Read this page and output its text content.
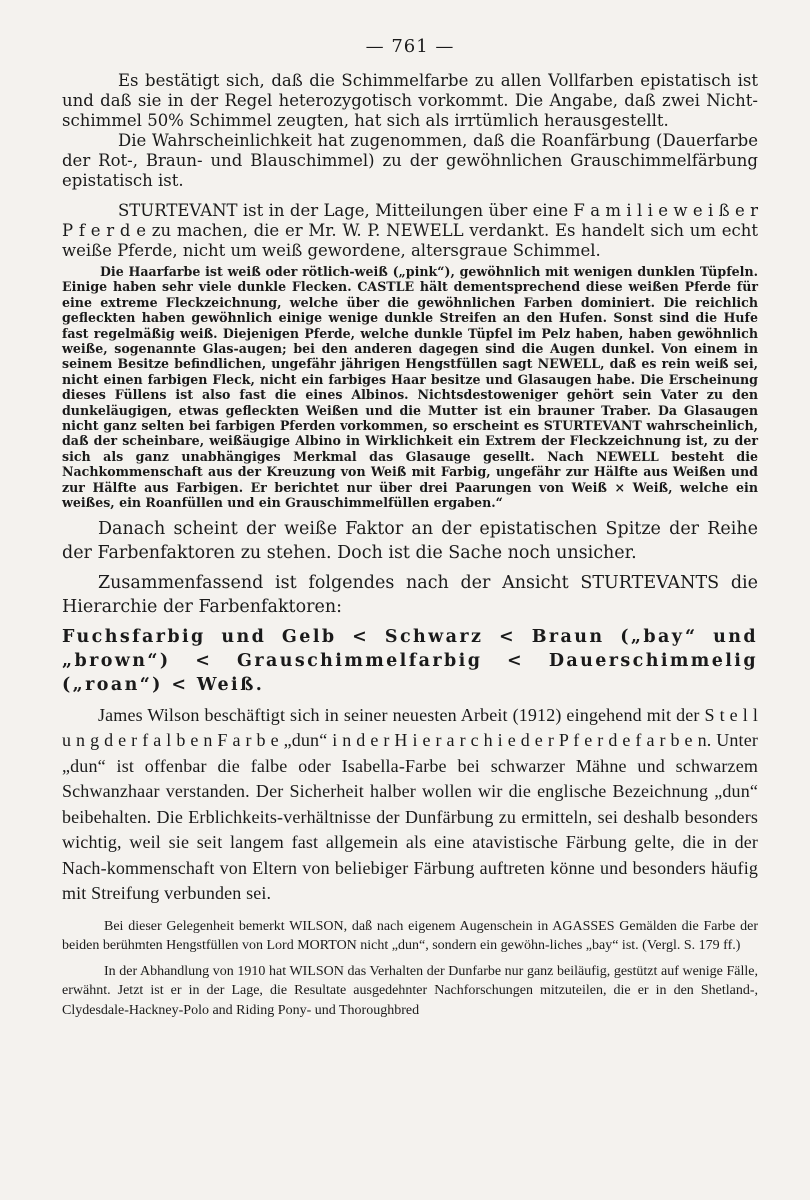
— 761 —

Es bestätigt sich, daß die Schimmelfarbe zu allen Vollfarben epistatisch ist und daß sie in der Regel heterozygotisch vorkommt. Die Angabe, daß zwei Nicht-schimmel 50% Schimmel zeugten, hat sich als irrtümlich herausgestellt.

Die Wahrscheinlichkeit hat zugenommen, daß die Roanfärbung (Dauerfarbe der Rot-, Braun- und Blauschimmel) zu der gewöhnlichen Grauschimmelfärbung epistatisch ist.

STURTEVANT ist in der Lage, Mitteilungen über eine F a m i l i e w e i ß e r P f e r d e zu machen, die er Mr. W. P. NEWELL verdankt. Es handelt sich um echt weiße Pferde, nicht um weiß gewordene, altersgraue Schimmel.

Die Haarfarbe ist weiß oder rötlich-weiß („pink“), gewöhnlich mit wenigen dunklen Tüpfeln. Einige haben sehr viele dunkle Flecken. CASTLE hält dementsprechend diese weißen Pferde für eine extreme Fleckzeichnung, welche über die gewöhnlichen Farben dominiert. Die reichlich gefleckten haben gewöhnlich einige wenige dunkle Streifen an den Hufen. Sonst sind die Hufe fast regelmäßig weiß. Diejenigen Pferde, welche dunkle Tüpfel im Pelz haben, haben gewöhnlich weiße, sogenannte Glas-augen; bei den anderen dagegen sind die Augen dunkel. Von einem in seinem Besitze befindlichen, ungefähr jährigen Hengstfüllen sagt NEWELL, daß es rein weiß sei, nicht einen farbigen Fleck, nicht ein farbiges Haar besitze und Glasaugen habe. Die Erscheinung dieses Füllens ist also fast die eines Albinos. Nichtsdestoweniger gehört sein Vater zu den dunkeläugigen, etwas gefleckten Weißen und die Mutter ist ein brauner Traber. Da Glasaugen nicht ganz selten bei farbigen Pferden vorkommen, so erscheint es STURTEVANT wahrscheinlich, daß der scheinbare, weißäugige Albino in Wirklichkeit ein Extrem der Fleckzeichnung ist, zu der sich als ganz unabhängiges Merkmal das Glasauge gesellt. Nach NEWELL besteht die Nachkommenschaft aus der Kreuzung von Weiß mit Farbig, ungefähr zur Hälfte aus Weißen und zur Hälfte aus Farbigen. Er berichtet nur über drei Paarungen von Weiß × Weiß, welche ein weißes, ein Roanfüllen und ein Grauschimmelfüllen ergaben.“

Danach scheint der weiße Faktor an der epistatischen Spitze der Reihe der Farbenfaktoren zu stehen. Doch ist die Sache noch unsicher.

Zusammenfassend ist folgendes nach der Ansicht STURTEVANTS die Hierarchie der Farbenfaktoren:

Fuchsfarbig und Gelb < Schwarz < Braun („bay“ und „brown“) < Grauschimmelfarbig < Dauerschimmelig („roan“) < Weiß.

James Wilson beschäftigt sich in seiner neuesten Arbeit (1912) eingehend mit der S t e l l u n g d e r f a l b e n F a r b e „dun“ i n d e r H i e r a r c h i e d e r P f e r d e f a r b e n. Unter „dun“ ist offenbar die falbe oder Isabella-Farbe bei schwarzer Mähne und schwarzem Schwanzhaar verstanden. Der Sicherheit halber wollen wir die englische Bezeichnung „dun“ beibehalten. Die Erblichkeits-verhältnisse der Dunfärbung zu ermitteln, sei deshalb besonders wichtig, weil sie seit langem fast allgemein als eine atavistische Färbung gelte, die in der Nach-kommenschaft von Eltern von beliebiger Färbung auftreten könne und besonders häufig mit Streifung verbunden sei.

Bei dieser Gelegenheit bemerkt WILSON, daß nach eigenem Augenschein in AGASSES Gemälden die Farbe der beiden berühmten Hengstfüllen von Lord MORTON nicht „dun“, sondern ein gewöhn-liches „bay“ ist. (Vergl. S. 179 ff.)

In der Abhandlung von 1910 hat WILSON das Verhalten der Dunfarbe nur ganz beiläufig, gestützt auf wenige Fälle, erwähnt. Jetzt ist er in der Lage, die Resultate ausgedehnter Nachforschungen mitzuteilen, die er in den Shetland-, Clydesdale-Hackney-Polo and Riding Pony- und Thoroughbred
